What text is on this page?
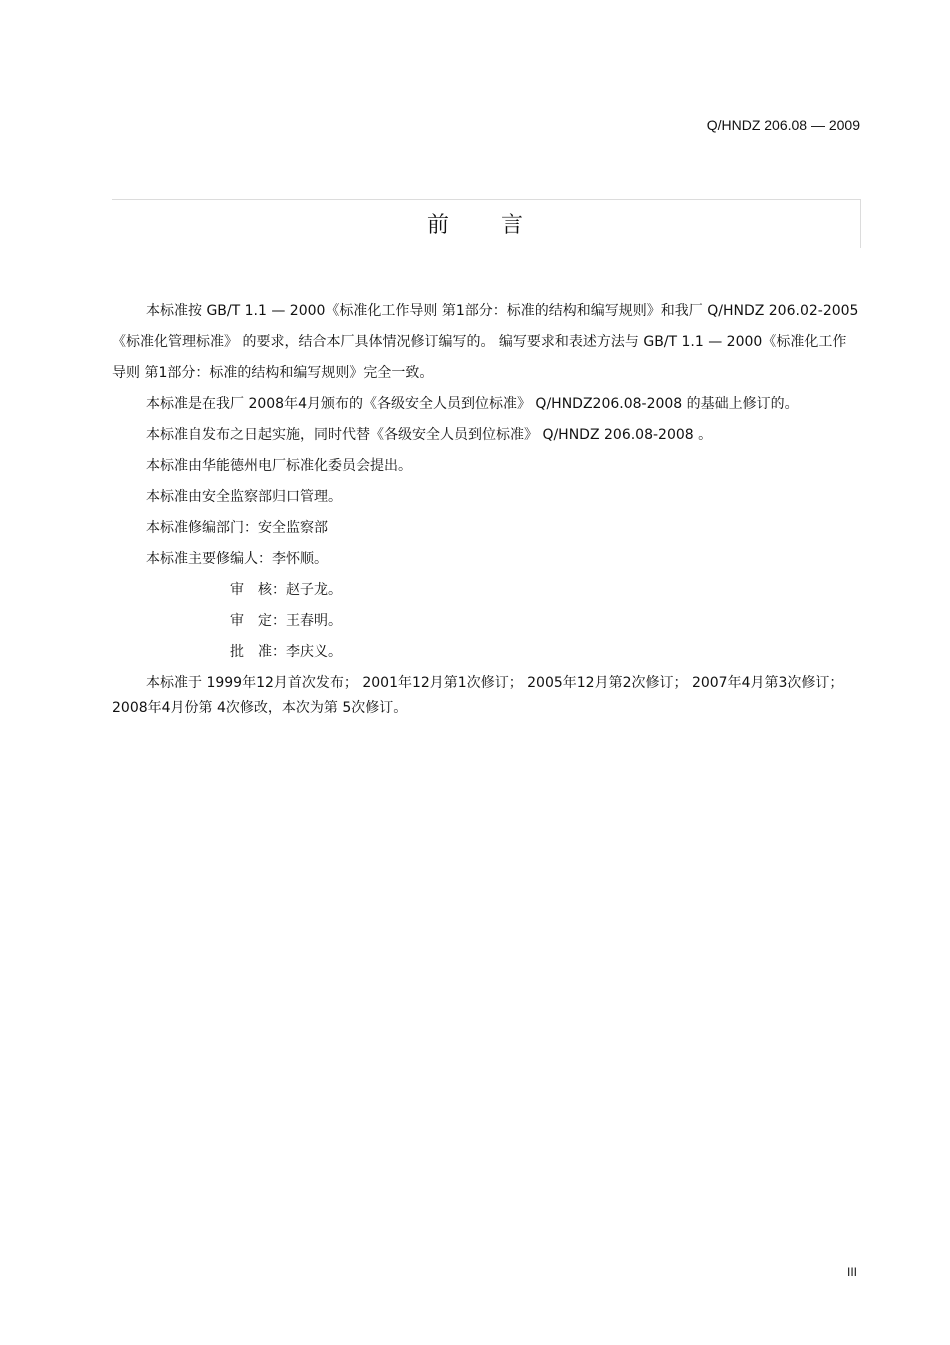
Q/HNDZ 206.08 — 2009
前言

本标准按 GB/T 1.1 — 2000《标准化工作导则 第1部分：标准的结构和编写规则》和我厂 Q/HNDZ 206.02-2005《标准化管理标准》 的要求，结合本厂具体情况修订编写的。 编写要求和表述方法与 GB/T 1.1 — 2000《标准化工作导则 第1部分：标准的结构和编写规则》完全一致。

本标准是在我厂 2008年4月颁布的《各级安全人员到位标准》 Q/HNDZ206.08-2008 的基础上修订的。

本标准自发布之日起实施，同时代替《各级安全人员到位标准》 Q/HNDZ 206.08-2008 。

本标准由华能德州电厂标准化委员会提出。

本标准由安全监察部归口管理。

本标准修编部门：安全监察部

本标准主要修编人：李怀顺。

审　核：赵子龙。

审　定：王春明。

批　准：李庆义。

本标准于 1999年12月首次发布； 2001年12月第1次修订； 2005年12月第2次修订； 2007年4月第3次修订； 2008年4月份第 4次修改，本次为第 5次修订。

III
